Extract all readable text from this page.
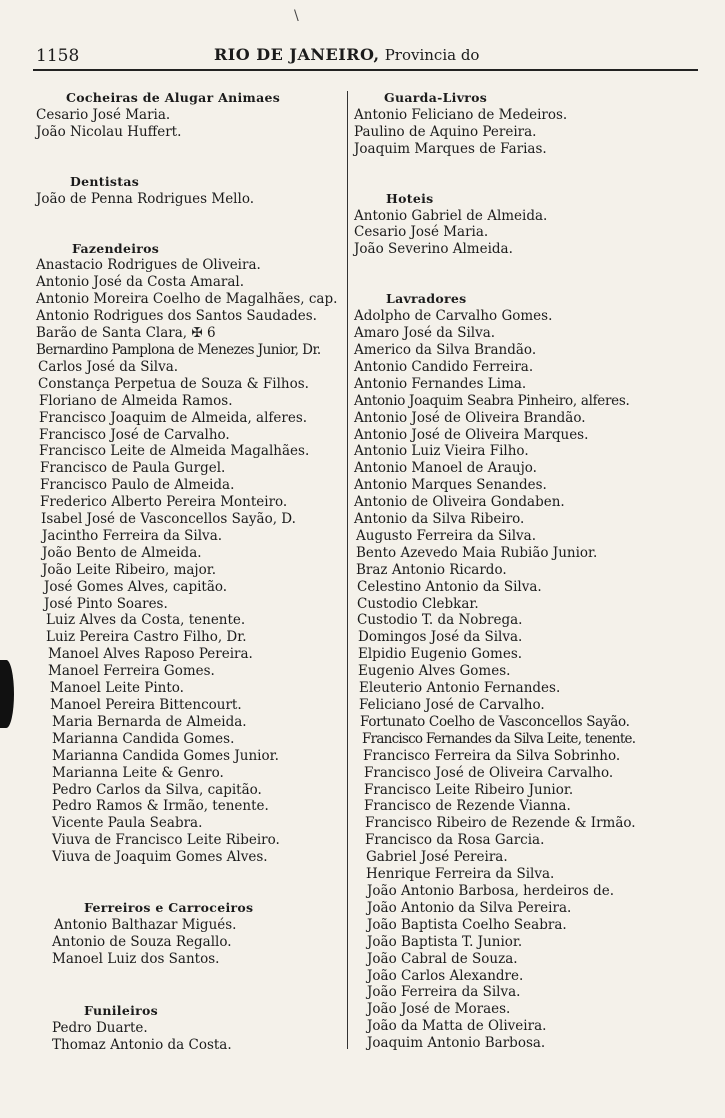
\
1158	RIO DE JANEIRO, Provincia do
Cocheiras de Alugar Animaes
Cesario José Maria.
João Nicolau Huffert.
Dentistas
João de Penna Rodrigues Mello.
Fazendeiros
Anastacio Rodrigues de Oliveira.
Antonio José da Costa Amaral.
Antonio Moreira Coelho de Magalhães, cap.
Antonio Rodrigues dos Santos Saudades.
Barão de Santa Clara, ✠ 6
Bernardino Pamplona de Menezes Junior, Dr.
Carlos José da Silva.
Constança Perpetua de Souza & Filhos.
Floriano de Almeida Ramos.
Francisco Joaquim de Almeida, alferes.
Francisco José de Carvalho.
Francisco Leite de Almeida Magalhães.
Francisco de Paula Gurgel.
Francisco Paulo de Almeida.
Frederico Alberto Pereira Monteiro.
Isabel José de Vasconcellos Sayão, D.
Jacintho Ferreira da Silva.
João Bento de Almeida.
João Leite Ribeiro, major.
José Gomes Alves, capitão.
José Pinto Soares.
Luiz Alves da Costa, tenente.
Luiz Pereira Castro Filho, Dr.
Manoel Alves Raposo Pereira.
Manoel Ferreira Gomes.
Manoel Leite Pinto.
Manoel Pereira Bittencourt.
Maria Bernarda de Almeida.
Marianna Candida Gomes.
Marianna Candida Gomes Junior.
Marianna Leite & Genro.
Pedro Carlos da Silva, capitão.
Pedro Ramos & Irmão, tenente.
Vicente Paula Seabra.
Viuva de Francisco Leite Ribeiro.
Viuva de Joaquim Gomes Alves.
Ferreiros e Carroceiros
Antonio Balthazar Migués.
Antonio de Souza Regallo.
Manoel Luiz dos Santos.
Funileiros
Pedro Duarte.
Thomaz Antonio da Costa.
Guarda-Livros
Antonio Feliciano de Medeiros.
Paulino de Aquino Pereira.
Joaquim Marques de Farias.
Hoteis
Antonio Gabriel de Almeida.
Cesario José Maria.
João Severino Almeida.
Lavradores
Adolpho de Carvalho Gomes.
Amaro José da Silva.
Americo da Silva Brandão.
Antonio Candido Ferreira.
Antonio Fernandes Lima.
Antonio Joaquim Seabra Pinheiro, alferes.
Antonio José de Oliveira Brandão.
Antonio José de Oliveira Marques.
Antonio Luiz Vieira Filho.
Antonio Manoel de Araujo.
Antonio Marques Senandes.
Antonio de Oliveira Gondaben.
Antonio da Silva Ribeiro.
Augusto Ferreira da Silva.
Bento Azevedo Maia Rubião Junior.
Braz Antonio Ricardo.
Celestino Antonio da Silva.
Custodio Clebkar.
Custodio T. da Nobrega.
Domingos José da Silva.
Elpidio Eugenio Gomes.
Eugenio Alves Gomes.
Eleuterio Antonio Fernandes.
Feliciano José de Carvalho.
Fortunato Coelho de Vasconcellos Sayão.
Francisco Fernandes da Silva Leite, tenente.
Francisco Ferreira da Silva Sobrinho.
Francisco José de Oliveira Carvalho.
Francisco Leite Ribeiro Junior.
Francisco de Rezende Vianna.
Francisco Ribeiro de Rezende & Irmão.
Francisco da Rosa Garcia.
Gabriel José Pereira.
Henrique Ferreira da Silva.
João Antonio Barbosa, herdeiros de.
João Antonio da Silva Pereira.
João Baptista Coelho Seabra.
João Baptista T. Junior.
João Cabral de Souza.
João Carlos Alexandre.
João Ferreira da Silva.
João José de Moraes.
João da Matta de Oliveira.
Joaquim Antonio Barbosa.
